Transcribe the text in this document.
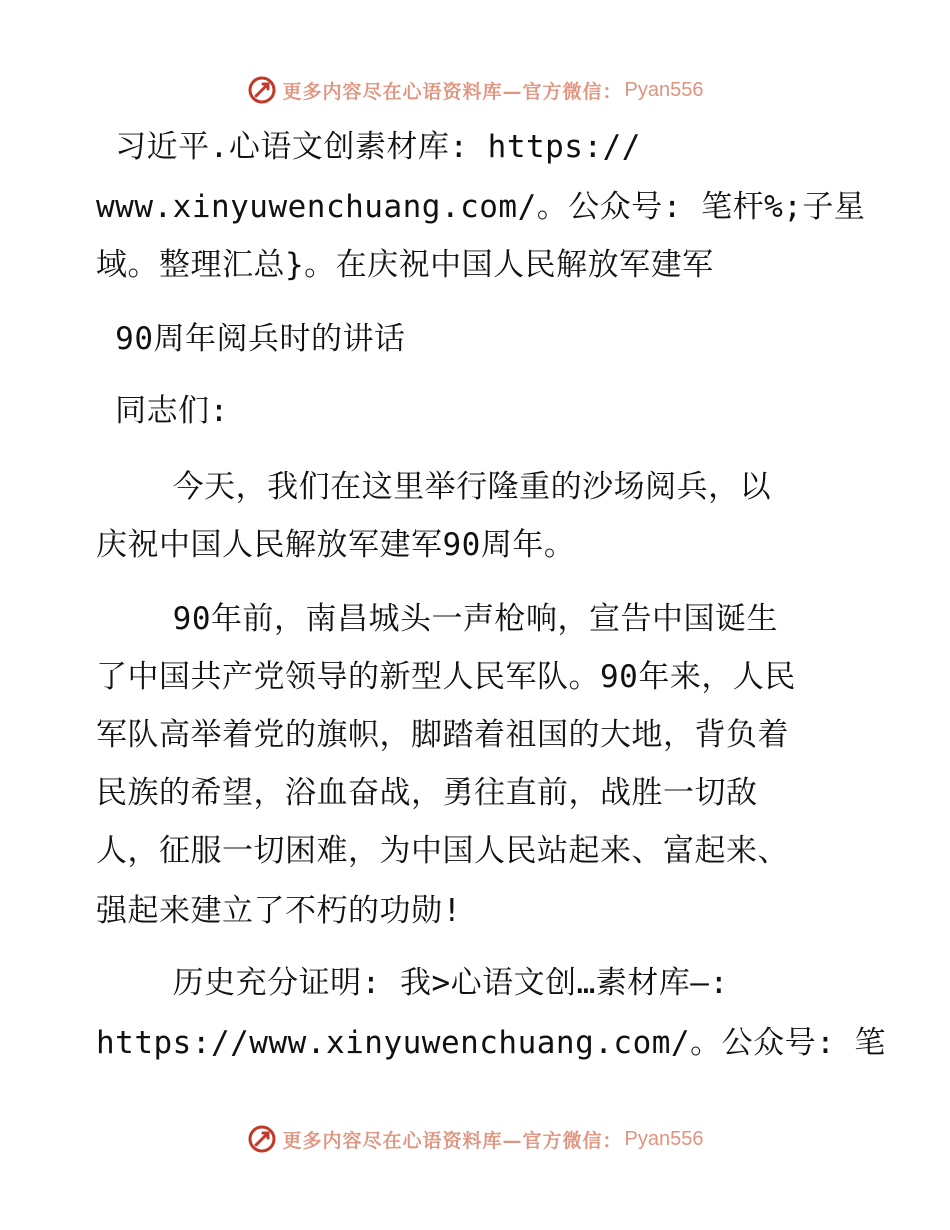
更多内容尽在心语资料库—官方微信： Pyan556
习近平.心语文创素材库: https://
www.xinyuwenchuang.com/。公众号: 笔杆%;子星
域。整理汇总}。在庆祝中国人民解放军建军
90周年阅兵时的讲话
同志们:
今天，我们在这里举行隆重的沙场阅兵，以
庆祝中国人民解放军建军90周年。
90年前，南昌城头一声枪响，宣告中国诞生
了中国共产党领导的新型人民军队。90年来，人民
军队高举着党的旗帜，脚踏着祖国的大地，背负着
民族的希望，浴血奋战，勇往直前，战胜一切敌
人，征服一切困难，为中国人民站起来、富起来、
强起来建立了不朽的功勋!
历史充分证明: 我>心语文创…素材库—:
https://www.xinyuwenchuang.com/。公众号: 笔
更多内容尽在心语资料库—官方微信： Pyan556
